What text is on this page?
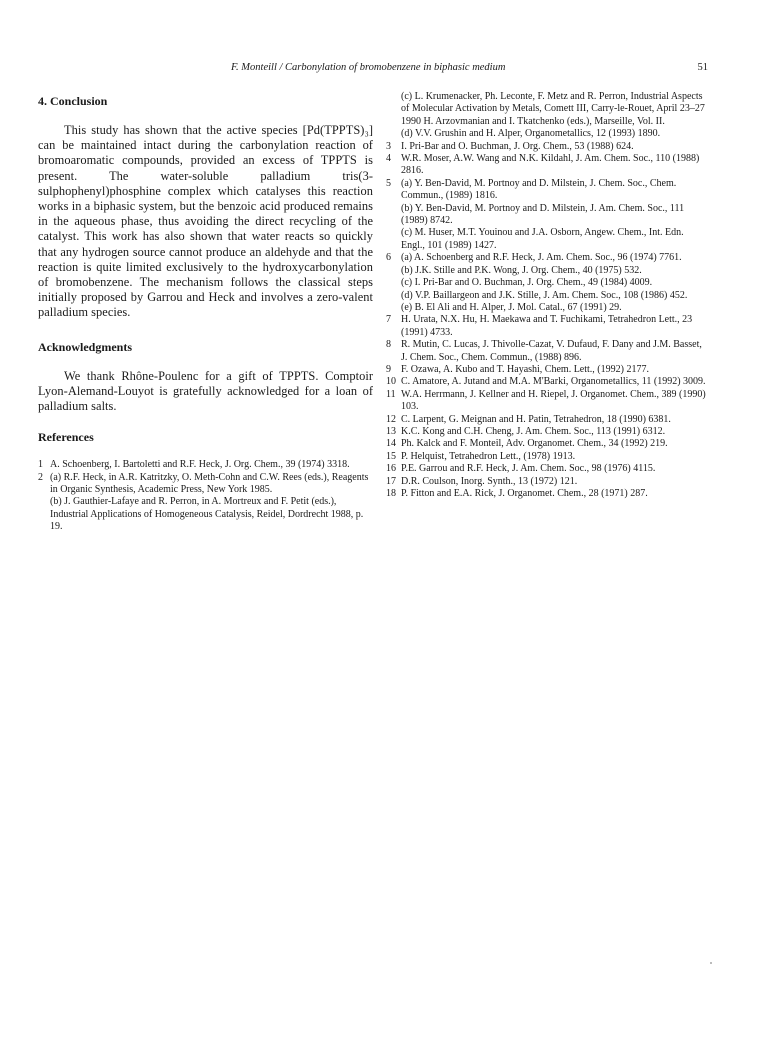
F. Monteill / Carbonylation of bromobenzene in biphasic medium	51
4. Conclusion

This study has shown that the active species [Pd(TPPTS)₃] can be maintained intact during the carbonylation reaction of bromoaromatic compounds, provided an excess of TPPTS is present. The water-soluble palladium tris(3-sulphophenyl)phosphine complex which catalyses this reaction works in a biphasic system, but the benzoic acid produced remains in the aqueous phase, thus avoiding the direct recycling of the catalyst. This work has also shown that water reacts so quickly that any hydrogen source cannot produce an aldehyde and that the reaction is quite limited exclusively to the hydroxycarbonylation of bromobenzene. The mechanism follows the classical steps initially proposed by Garrou and Heck and involves a zero-valent palladium species.

Acknowledgments

We thank Rhône-Poulenc for a gift of TPPTS. Comptoir Lyon-Alemand-Louyot is gratefully acknowledged for a loan of palladium salts.

References
1 A. Schoenberg, I. Bartoletti and R.F. Heck, J. Org. Chem., 39 (1974) 3318.
2 (a) R.F. Heck, in A.R. Katritzky, O. Meth-Cohn and C.W. Rees (eds.), Reagents in Organic Synthesis, Academic Press, New York 1985.
(b) J. Gauthier-Lafaye and R. Perron, in A. Mortreux and F. Petit (eds.), Industrial Applications of Homogeneous Catalysis, Reidel, Dordrecht 1988, p. 19.
(c) L. Krumenacker, Ph. Leconte, F. Metz and R. Perron, Industrial Aspects of Molecular Activation by Metals, Comett III, Carry-le-Rouet, April 23–27 1990 H. Arzovmanian and I. Tkatchenko (eds.), Marseille, Vol. II.
(d) V.V. Grushin and H. Alper, Organometallics, 12 (1993) 1890.
3 I. Pri-Bar and O. Buchman, J. Org. Chem., 53 (1988) 624.
4 W.R. Moser, A.W. Wang and N.K. Kildahl, J. Am. Chem. Soc., 110 (1988) 2816.
5 (a) Y. Ben-David, M. Portnoy and D. Milstein, J. Chem. Soc., Chem. Commun., (1989) 1816.
(b) Y. Ben-David, M. Portnoy and D. Milstein, J. Am. Chem. Soc., 111 (1989) 8742.
(c) M. Huser, M.T. Youinou and J.A. Osborn, Angew. Chem., Int. Edn. Engl., 101 (1989) 1427.
6 (a) A. Schoenberg and R.F. Heck, J. Am. Chem. Soc., 96 (1974) 7761.
(b) J.K. Stille and P.K. Wong, J. Org. Chem., 40 (1975) 532.
(c) I. Pri-Bar and O. Buchman, J. Org. Chem., 49 (1984) 4009.
(d) V.P. Baillargeon and J.K. Stille, J. Am. Chem. Soc., 108 (1986) 452.
(e) B. El Ali and H. Alper, J. Mol. Catal., 67 (1991) 29.
7 H. Urata, N.X. Hu, H. Maekawa and T. Fuchikami, Tetrahedron Lett., 23 (1991) 4733.
8 R. Mutin, C. Lucas, J. Thivolle-Cazat, V. Dufaud, F. Dany and J.M. Basset, J. Chem. Soc., Chem. Commun., (1988) 896.
9 F. Ozawa, A. Kubo and T. Hayashi, Chem. Lett., (1992) 2177.
10 C. Amatore, A. Jutand and M.A. M'Barki, Organometallics, 11 (1992) 3009.
11 W.A. Herrmann, J. Kellner and H. Riepel, J. Organomet. Chem., 389 (1990) 103.
12 C. Larpent, G. Meignan and H. Patin, Tetrahedron, 18 (1990) 6381.
13 K.C. Kong and C.H. Cheng, J. Am. Chem. Soc., 113 (1991) 6312.
14 Ph. Kalck and F. Monteil, Adv. Organomet. Chem., 34 (1992) 219.
15 P. Helquist, Tetrahedron Lett., (1978) 1913.
16 P.E. Garrou and R.F. Heck, J. Am. Chem. Soc., 98 (1976) 4115.
17 D.R. Coulson, Inorg. Synth., 13 (1972) 121.
18 P. Fitton and E.A. Rick, J. Organomet. Chem., 28 (1971) 287.
